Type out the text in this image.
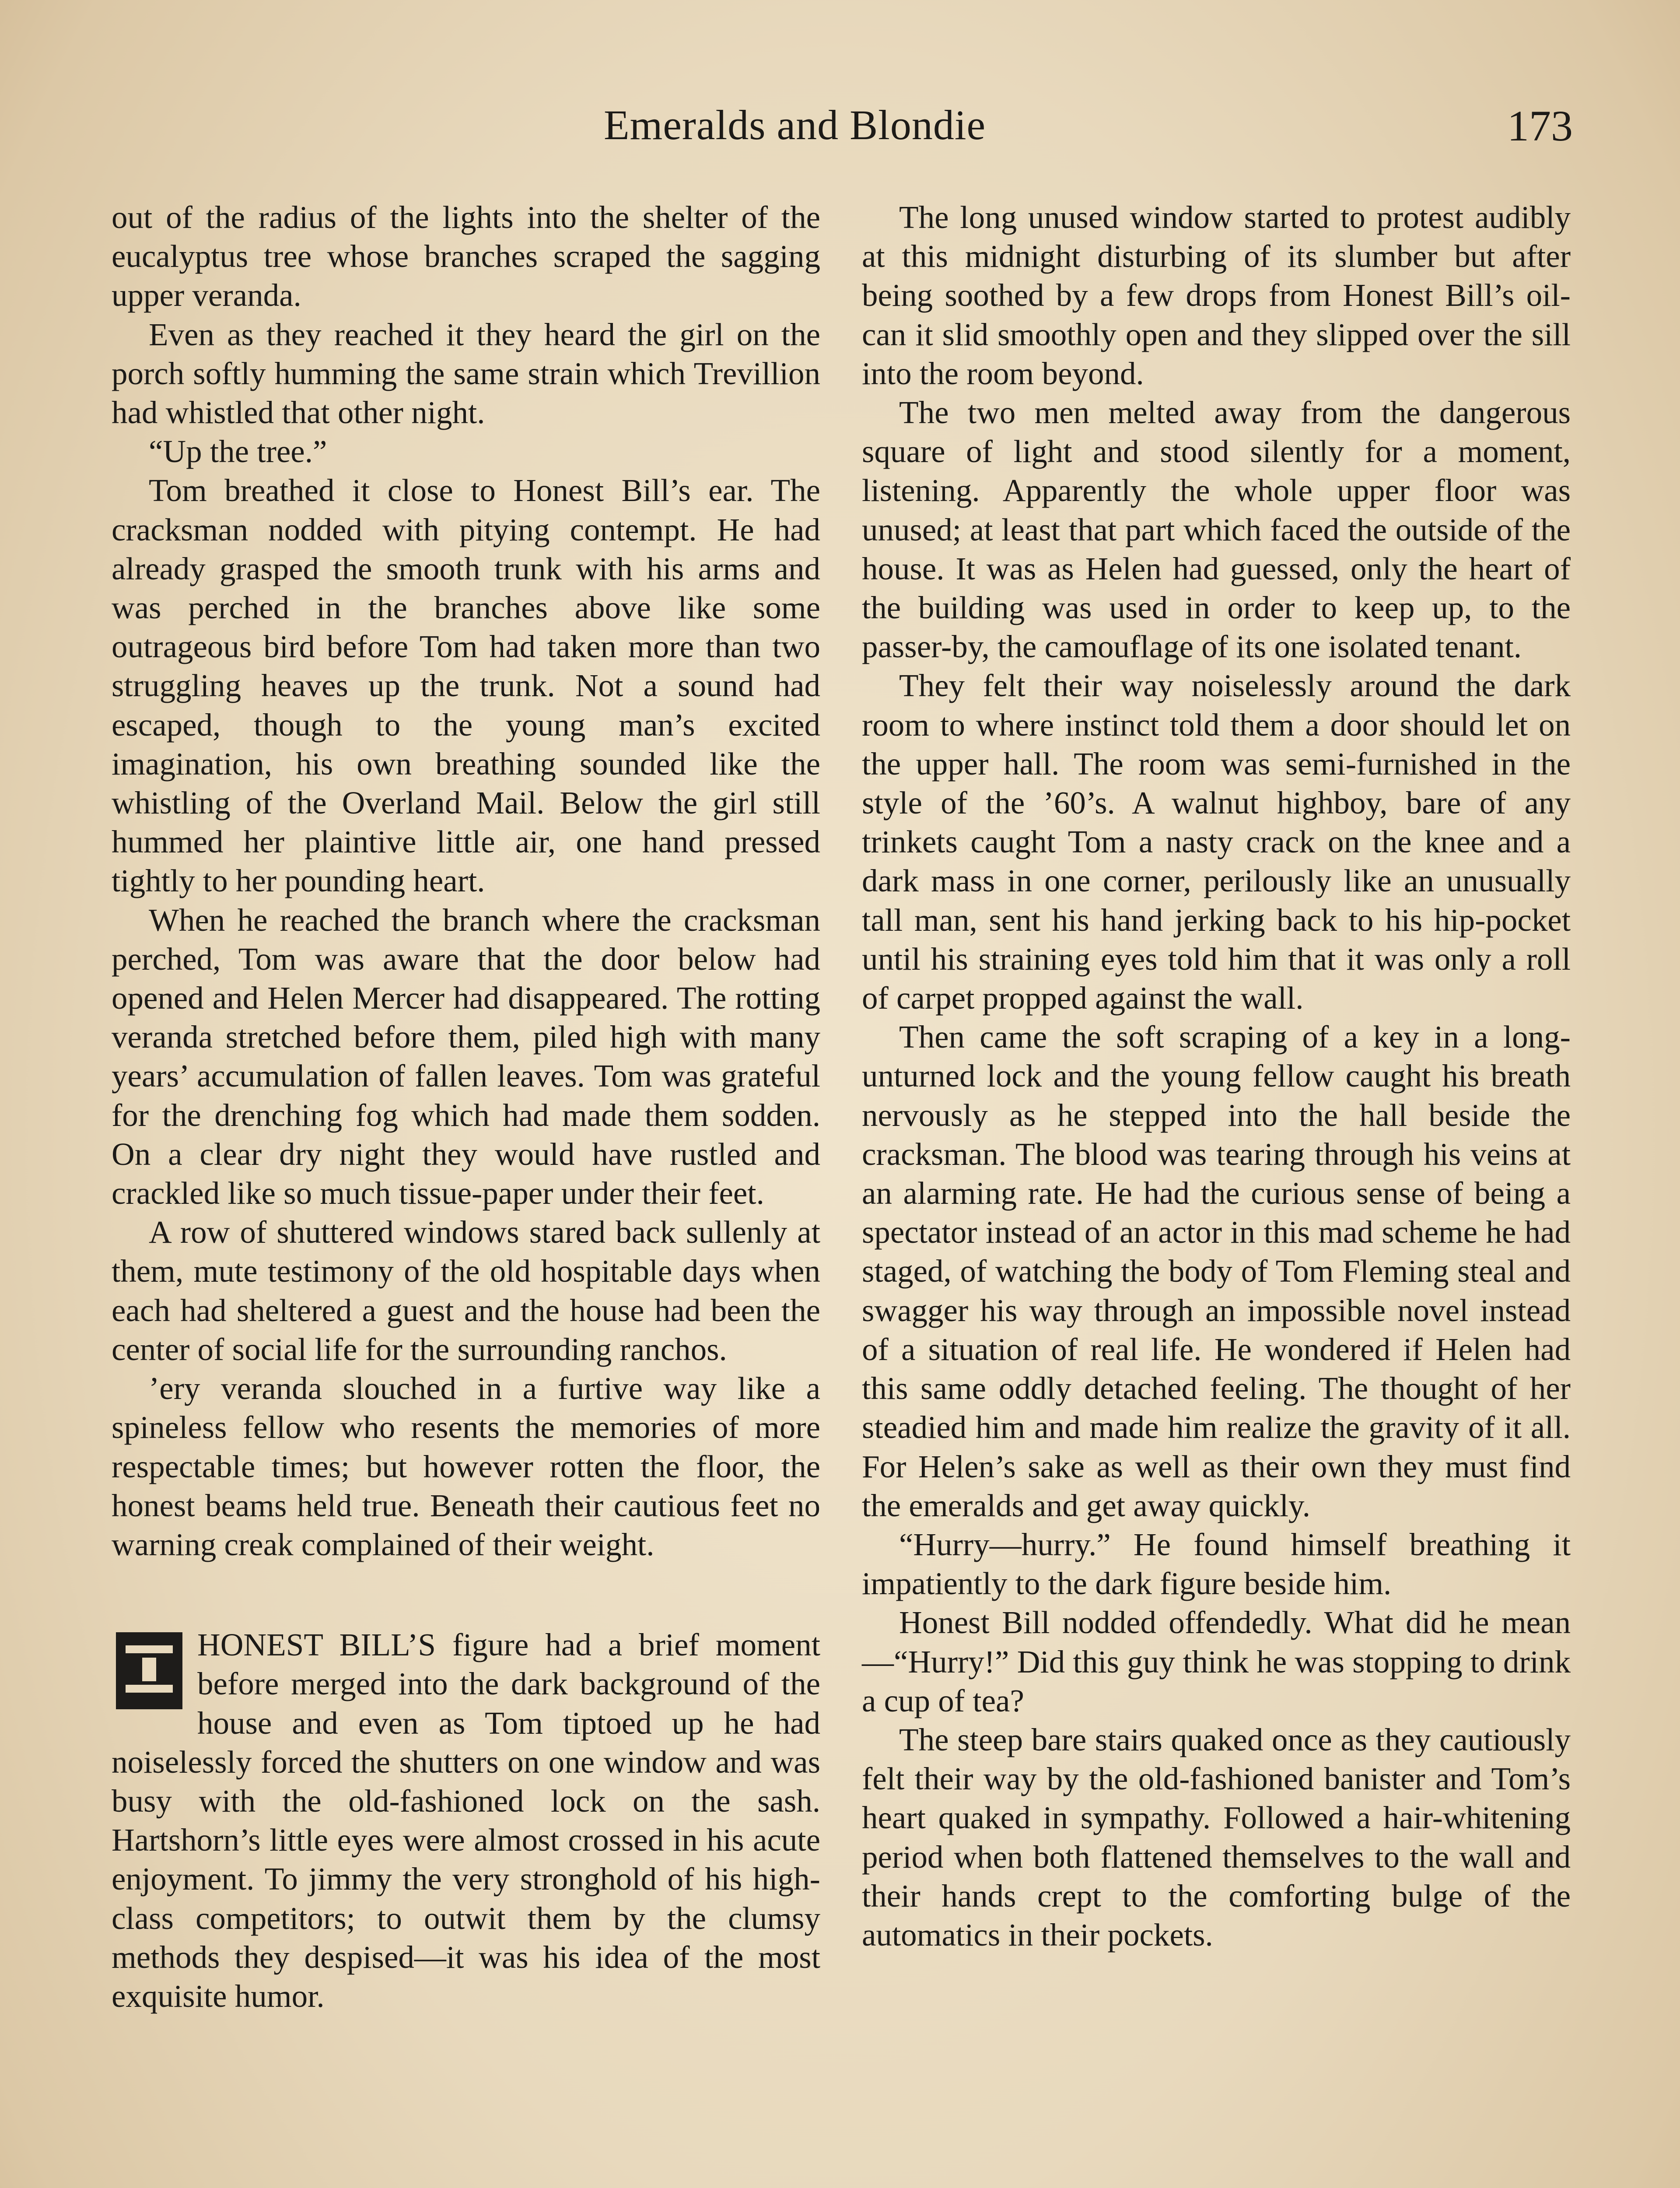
Emeralds and Blondie	173

out of the radius of the lights into the shelter of the eucalyptus tree whose branches scraped the sagging upper veranda.

Even as they reached it they heard the girl on the porch softly humming the same strain which Trevillion had whistled that other night.

“Up the tree.”

Tom breathed it close to Honest Bill’s ear. The cracksman nodded with pitying contempt. He had already grasped the smooth trunk with his arms and was perched in the branches above like some outrageous bird before Tom had taken more than two struggling heaves up the trunk. Not a sound had escaped, though to the young man’s excited imagination, his own breathing sounded like the whistling of the Overland Mail. Below the girl still hummed her plaintive little air, one hand pressed tightly to her pounding heart.

When he reached the branch where the cracksman perched, Tom was aware that the door below had opened and Helen Mercer had disappeared. The rotting veranda stretched before them, piled high with many years’ accumulation of fallen leaves. Tom was grateful for the drenching fog which had made them sodden. On a clear dry night they would have rustled and crackled like so much tissue-paper under their feet.

A row of shuttered windows stared back sullenly at them, mute testimony of the old hospitable days when each had sheltered a guest and the house had been the center of social life for the surrounding ranchos.

’ery veranda slouched in a furtive way like a spineless fellow who resents the memories of more respectable times; but however rotten the floor, the honest beams held true. Beneath their cautious feet no warning creak complained of their weight.

HONEST BILL’S figure had a brief moment before merged into the dark background of the house and even as Tom tiptoed up he had noiselessly forced the shutters on one window and was busy with the old-fashioned lock on the sash. Hartshorn’s little eyes were almost crossed in his acute enjoyment. To jimmy the very stronghold of his high-class competitors; to outwit them by the clumsy methods they despised—it was his idea of the most exquisite humor.

The long unused window started to protest audibly at this midnight disturbing of its slumber but after being soothed by a few drops from Honest Bill’s oil-can it slid smoothly open and they slipped over the sill into the room beyond.

The two men melted away from the dangerous square of light and stood silently for a moment, listening. Apparently the whole upper floor was unused; at least that part which faced the outside of the house. It was as Helen had guessed, only the heart of the building was used in order to keep up, to the passer-by, the camouflage of its one isolated tenant.

They felt their way noiselessly around the dark room to where instinct told them a door should let on the upper hall. The room was semi-furnished in the style of the ’60’s. A walnut highboy, bare of any trinkets caught Tom a nasty crack on the knee and a dark mass in one corner, perilously like an unusually tall man, sent his hand jerking back to his hip-pocket until his straining eyes told him that it was only a roll of carpet propped against the wall.

Then came the soft scraping of a key in a long-unturned lock and the young fellow caught his breath nervously as he stepped into the hall beside the cracksman. The blood was tearing through his veins at an alarming rate. He had the curious sense of being a spectator instead of an actor in this mad scheme he had staged, of watching the body of Tom Fleming steal and swagger his way through an impossible novel instead of a situation of real life. He wondered if Helen had this same oddly detached feeling. The thought of her steadied him and made him realize the gravity of it all. For Helen’s sake as well as their own they must find the emeralds and get away quickly.

“Hurry—hurry.” He found himself breathing it impatiently to the dark figure beside him.

Honest Bill nodded offendedly. What did he mean—“Hurry!” Did this guy think he was stopping to drink a cup of tea?

The steep bare stairs quaked once as they cautiously felt their way by the old-fashioned banister and Tom’s heart quaked in sympathy. Followed a hair-whitening period when both flattened themselves to the wall and their hands crept to the comforting bulge of the automatics in their pockets.
